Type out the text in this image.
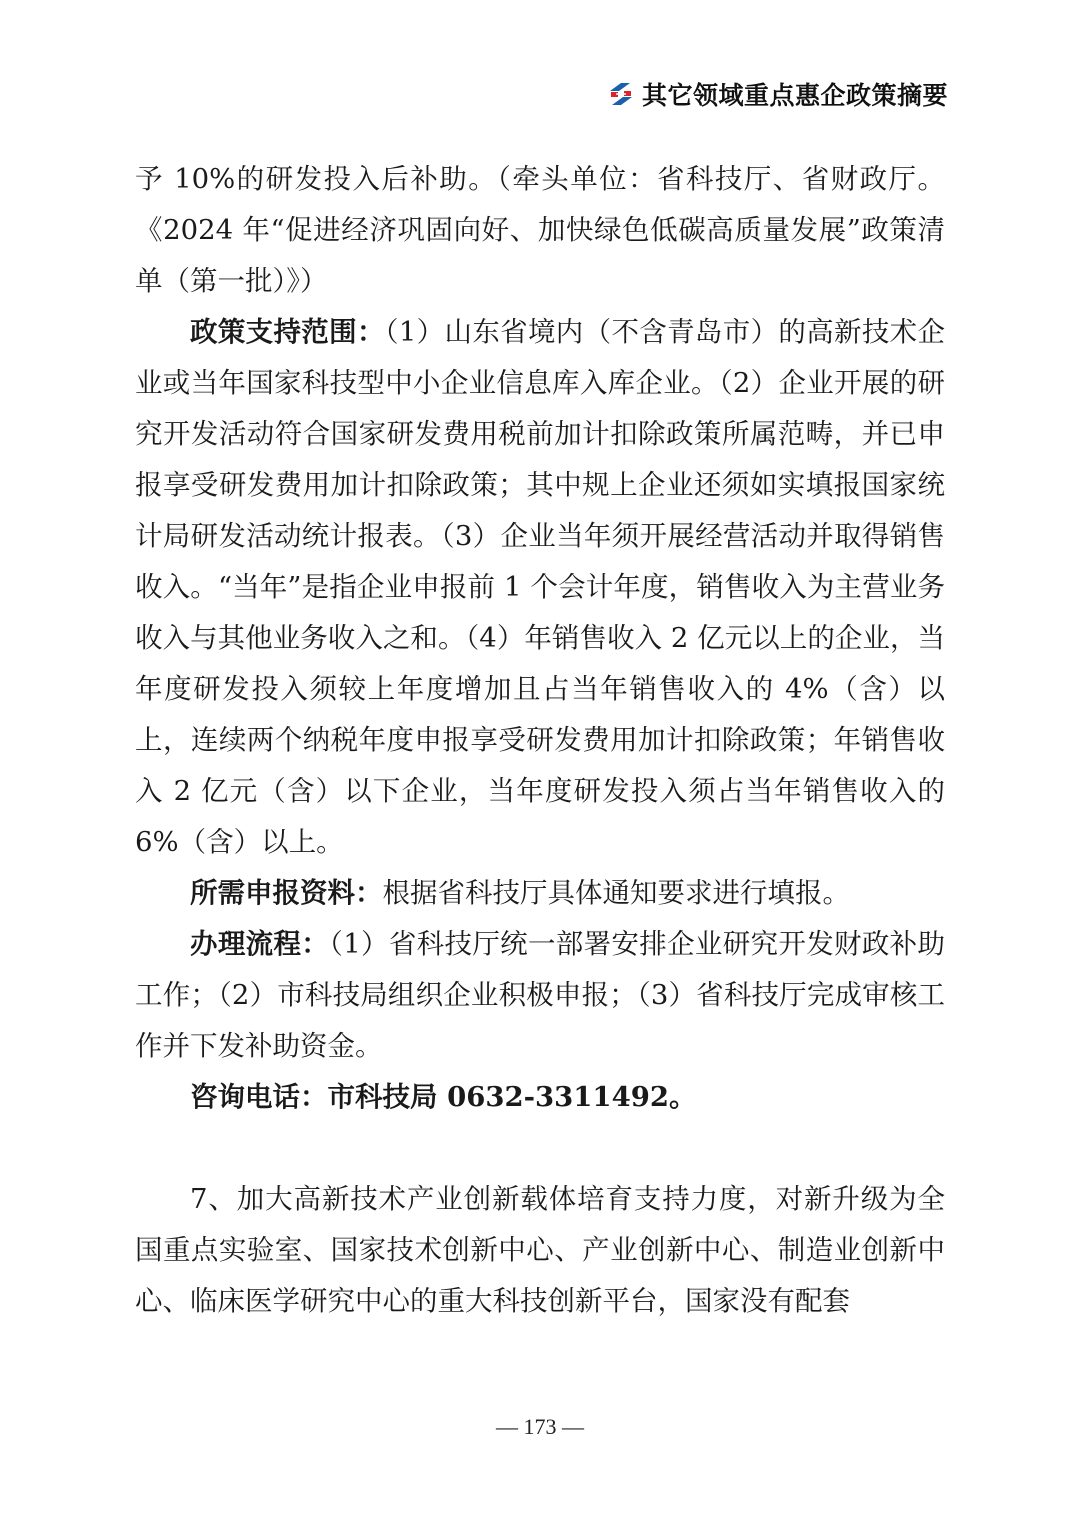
其它领域重点惠企政策摘要

予 10%的研发投入后补助。（牵头单位：省科技厅、省财政厅。《2024 年“促进经济巩固向好、加快绿色低碳高质量发展”政策清单（第一批）》）

政策支持范围：（1）山东省境内（不含青岛市）的高新技术企业或当年国家科技型中小企业信息库入库企业。（2）企业开展的研究开发活动符合国家研发费用税前加计扣除政策所属范畴，并已申报享受研发费用加计扣除政策；其中规上企业还须如实填报国家统计局研发活动统计报表。（3）企业当年须开展经营活动并取得销售收入。“当年”是指企业申报前 1 个会计年度，销售收入为主营业务收入与其他业务收入之和。（4）年销售收入 2 亿元以上的企业，当年度研发投入须较上年度增加且占当年销售收入的 4%（含）以上，连续两个纳税年度申报享受研发费用加计扣除政策；年销售收入 2 亿元（含）以下企业，当年度研发投入须占当年销售收入的 6%（含）以上。

所需申报资料：根据省科技厅具体通知要求进行填报。

办理流程：（1）省科技厅统一部署安排企业研究开发财政补助工作；（2）市科技局组织企业积极申报；（3）省科技厅完成审核工作并下发补助资金。

咨询电话：市科技局 0632-3311492。

7、加大高新技术产业创新载体培育支持力度，对新升级为全国重点实验室、国家技术创新中心、产业创新中心、制造业创新中心、临床医学研究中心的重大科技创新平台，国家没有配套

— 173 —
